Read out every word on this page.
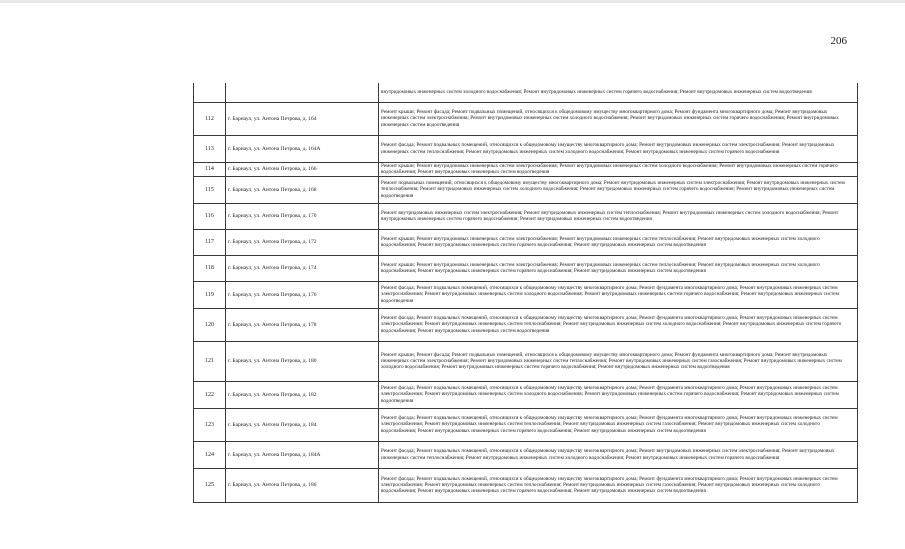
206
		внутридомовых инженерных систем холодного водоснабжения; Ремонт внутридомовых инженерных систем горячего водоснабжения; Ремонт внутридомовых инженерных систем водоотведения
112	г. Барнаул, ул. Антона Петрова, д. 164	Ремонт крыши; Ремонт фасада; Ремонт подвальных помещений, относящихся к общедомовому имуществу многоквартирного дома; Ремонт фундамента многоквартирного дома; Ремонт внутридомовых инженерных систем электроснабжения; Ремонт внутридомовых инженерных систем холодного водоснабжения; Ремонт внутридомовых инженерных систем горячего водоснабжения; Ремонт внутридомовых инженерных систем водоотведения
113	г. Барнаул, ул. Антона Петрова, д. 164А	Ремонт фасада; Ремонт подвальных помещений, относящихся к общедомовому имуществу многоквартирного дома; Ремонт внутридомовых инженерных систем электроснабжения; Ремонт внутридомовых инженерных систем теплоснабжения; Ремонт внутридомовых инженерных систем холодного водоснабжения; Ремонт внутридомовых инженерных систем горячего водоснабжения
114	г. Барнаул, ул. Антона Петрова, д. 166	Ремонт крыши; Ремонт внутридомовых инженерных систем электроснабжения; Ремонт внутридомовых инженерных систем холодного водоснабжения; Ремонт внутридомовых инженерных систем горячего водоснабжения; Ремонт внутридомовых инженерных систем водоотведения
115	г. Барнаул, ул. Антона Петрова, д. 168	Ремонт подвальных помещений, относящихся к общедомовому имуществу многоквартирного дома; Ремонт внутридомовых инженерных систем электроснабжения; Ремонт внутридомовых инженерных систем теплоснабжения; Ремонт внутридомовых инженерных систем холодного водоснабжения; Ремонт внутридомовых инженерных систем горячего водоснабжения; Ремонт внутридомовых инженерных систем водоотведения
116	г. Барнаул, ул. Антона Петрова, д. 170	Ремонт внутридомовых инженерных систем электроснабжения; Ремонт внутридомовых инженерных систем теплоснабжения; Ремонт внутридомовых инженерных систем холодного водоснабжения; Ремонт внутридомовых инженерных систем горячего водоснабжения; Ремонт внутридомовых инженерных систем водоотведения
117	г. Барнаул, ул. Антона Петрова, д. 172	Ремонт крыши; Ремонт внутридомовых инженерных систем электроснабжения; Ремонт внутридомовых инженерных систем теплоснабжения; Ремонт внутридомовых инженерных систем холодного водоснабжения; Ремонт внутридомовых инженерных систем горячего водоснабжения; Ремонт внутридомовых инженерных систем водоотведения
118	г. Барнаул, ул. Антона Петрова, д. 174	Ремонт крыши; Ремонт внутридомовых инженерных систем электроснабжения; Ремонт внутридомовых инженерных систем теплоснабжения; Ремонт внутридомовых инженерных систем холодного водоснабжения; Ремонт внутридомовых инженерных систем горячего водоснабжения; Ремонт внутридомовых инженерных систем водоотведения
119	г. Барнаул, ул. Антона Петрова, д. 176	Ремонт фасада; Ремонт подвальных помещений, относящихся к общедомовому имуществу многоквартирного дома; Ремонт фундамента многоквартирного дома; Ремонт внутридомовых инженерных систем электроснабжения; Ремонт внутридомовых инженерных систем холодного водоснабжения; Ремонт внутридомовых инженерных систем горячего водоснабжения; Ремонт внутридомовых инженерных систем водоотведения
120	г. Барнаул, ул. Антона Петрова, д. 178	Ремонт фасада; Ремонт подвальных помещений, относящихся к общедомовому имуществу многоквартирного дома; Ремонт фундамента многоквартирного дома; Ремонт внутридомовых инженерных систем электроснабжения; Ремонт внутридомовых инженерных систем теплоснабжения; Ремонт внутридомовых инженерных систем холодного водоснабжения; Ремонт внутридомовых инженерных систем горячего водоснабжения; Ремонт внутридомовых инженерных систем водоотведения
121	г. Барнаул, ул. Антона Петрова, д. 180	Ремонт крыши; Ремонт фасада; Ремонт подвальных помещений, относящихся к общедомовому имуществу многоквартирного дома; Ремонт фундамента многоквартирного дома; Ремонт внутридомовых инженерных систем электроснабжения; Ремонт внутридомовых инженерных систем теплоснабжения; Ремонт внутридомовых инженерных систем газоснабжения; Ремонт внутридомовых инженерных систем холодного водоснабжения; Ремонт внутридомовых инженерных систем горячего водоснабжения; Ремонт внутридомовых инженерных систем водоотведения
122	г. Барнаул, ул. Антона Петрова, д. 182	Ремонт фасада; Ремонт подвальных помещений, относящихся к общедомовому имуществу многоквартирного дома; Ремонт фундамента многоквартирного дома; Ремонт внутридомовых инженерных систем электроснабжения; Ремонт внутридомовых инженерных систем холодного водоснабжения; Ремонт внутридомовых инженерных систем горячего водоснабжения; Ремонт внутридомовых инженерных систем водоотведения
123	г. Барнаул, ул. Антона Петрова, д. 184	Ремонт фасада; Ремонт подвальных помещений, относящихся к общедомовому имуществу многоквартирного дома; Ремонт фундамента многоквартирного дома; Ремонт внутридомовых инженерных систем электроснабжения; Ремонт внутридомовых инженерных систем теплоснабжения; Ремонт внутридомовых инженерных систем газоснабжения; Ремонт внутридомовых инженерных систем холодного водоснабжения; Ремонт внутридомовых инженерных систем горячего водоснабжения; Ремонт внутридомовых инженерных систем водоотведения
124	г. Барнаул, ул. Антона Петрова, д. 184А	Ремонт фасада; Ремонт подвальных помещений, относящихся к общедомовому имуществу многоквартирного дома; Ремонт внутридомовых инженерных систем электроснабжения; Ремонт внутридомовых инженерных систем теплоснабжения; Ремонт внутридомовых инженерных систем холодного водоснабжения; Ремонт внутридомовых инженерных систем горячего водоснабжения
125	г. Барнаул, ул. Антона Петрова, д. 186	Ремонт фасада; Ремонт подвальных помещений, относящихся к общедомовому имуществу многоквартирного дома; Ремонт фундамента многоквартирного дома; Ремонт внутридомовых инженерных систем электроснабжения; Ремонт внутридомовых инженерных систем теплоснабжения; Ремонт внутридомовых инженерных систем газоснабжения; Ремонт внутридомовых инженерных систем холодного водоснабжения; Ремонт внутридомовых инженерных систем горячего водоснабжения; Ремонт внутридомовых инженерных систем водоотведения
